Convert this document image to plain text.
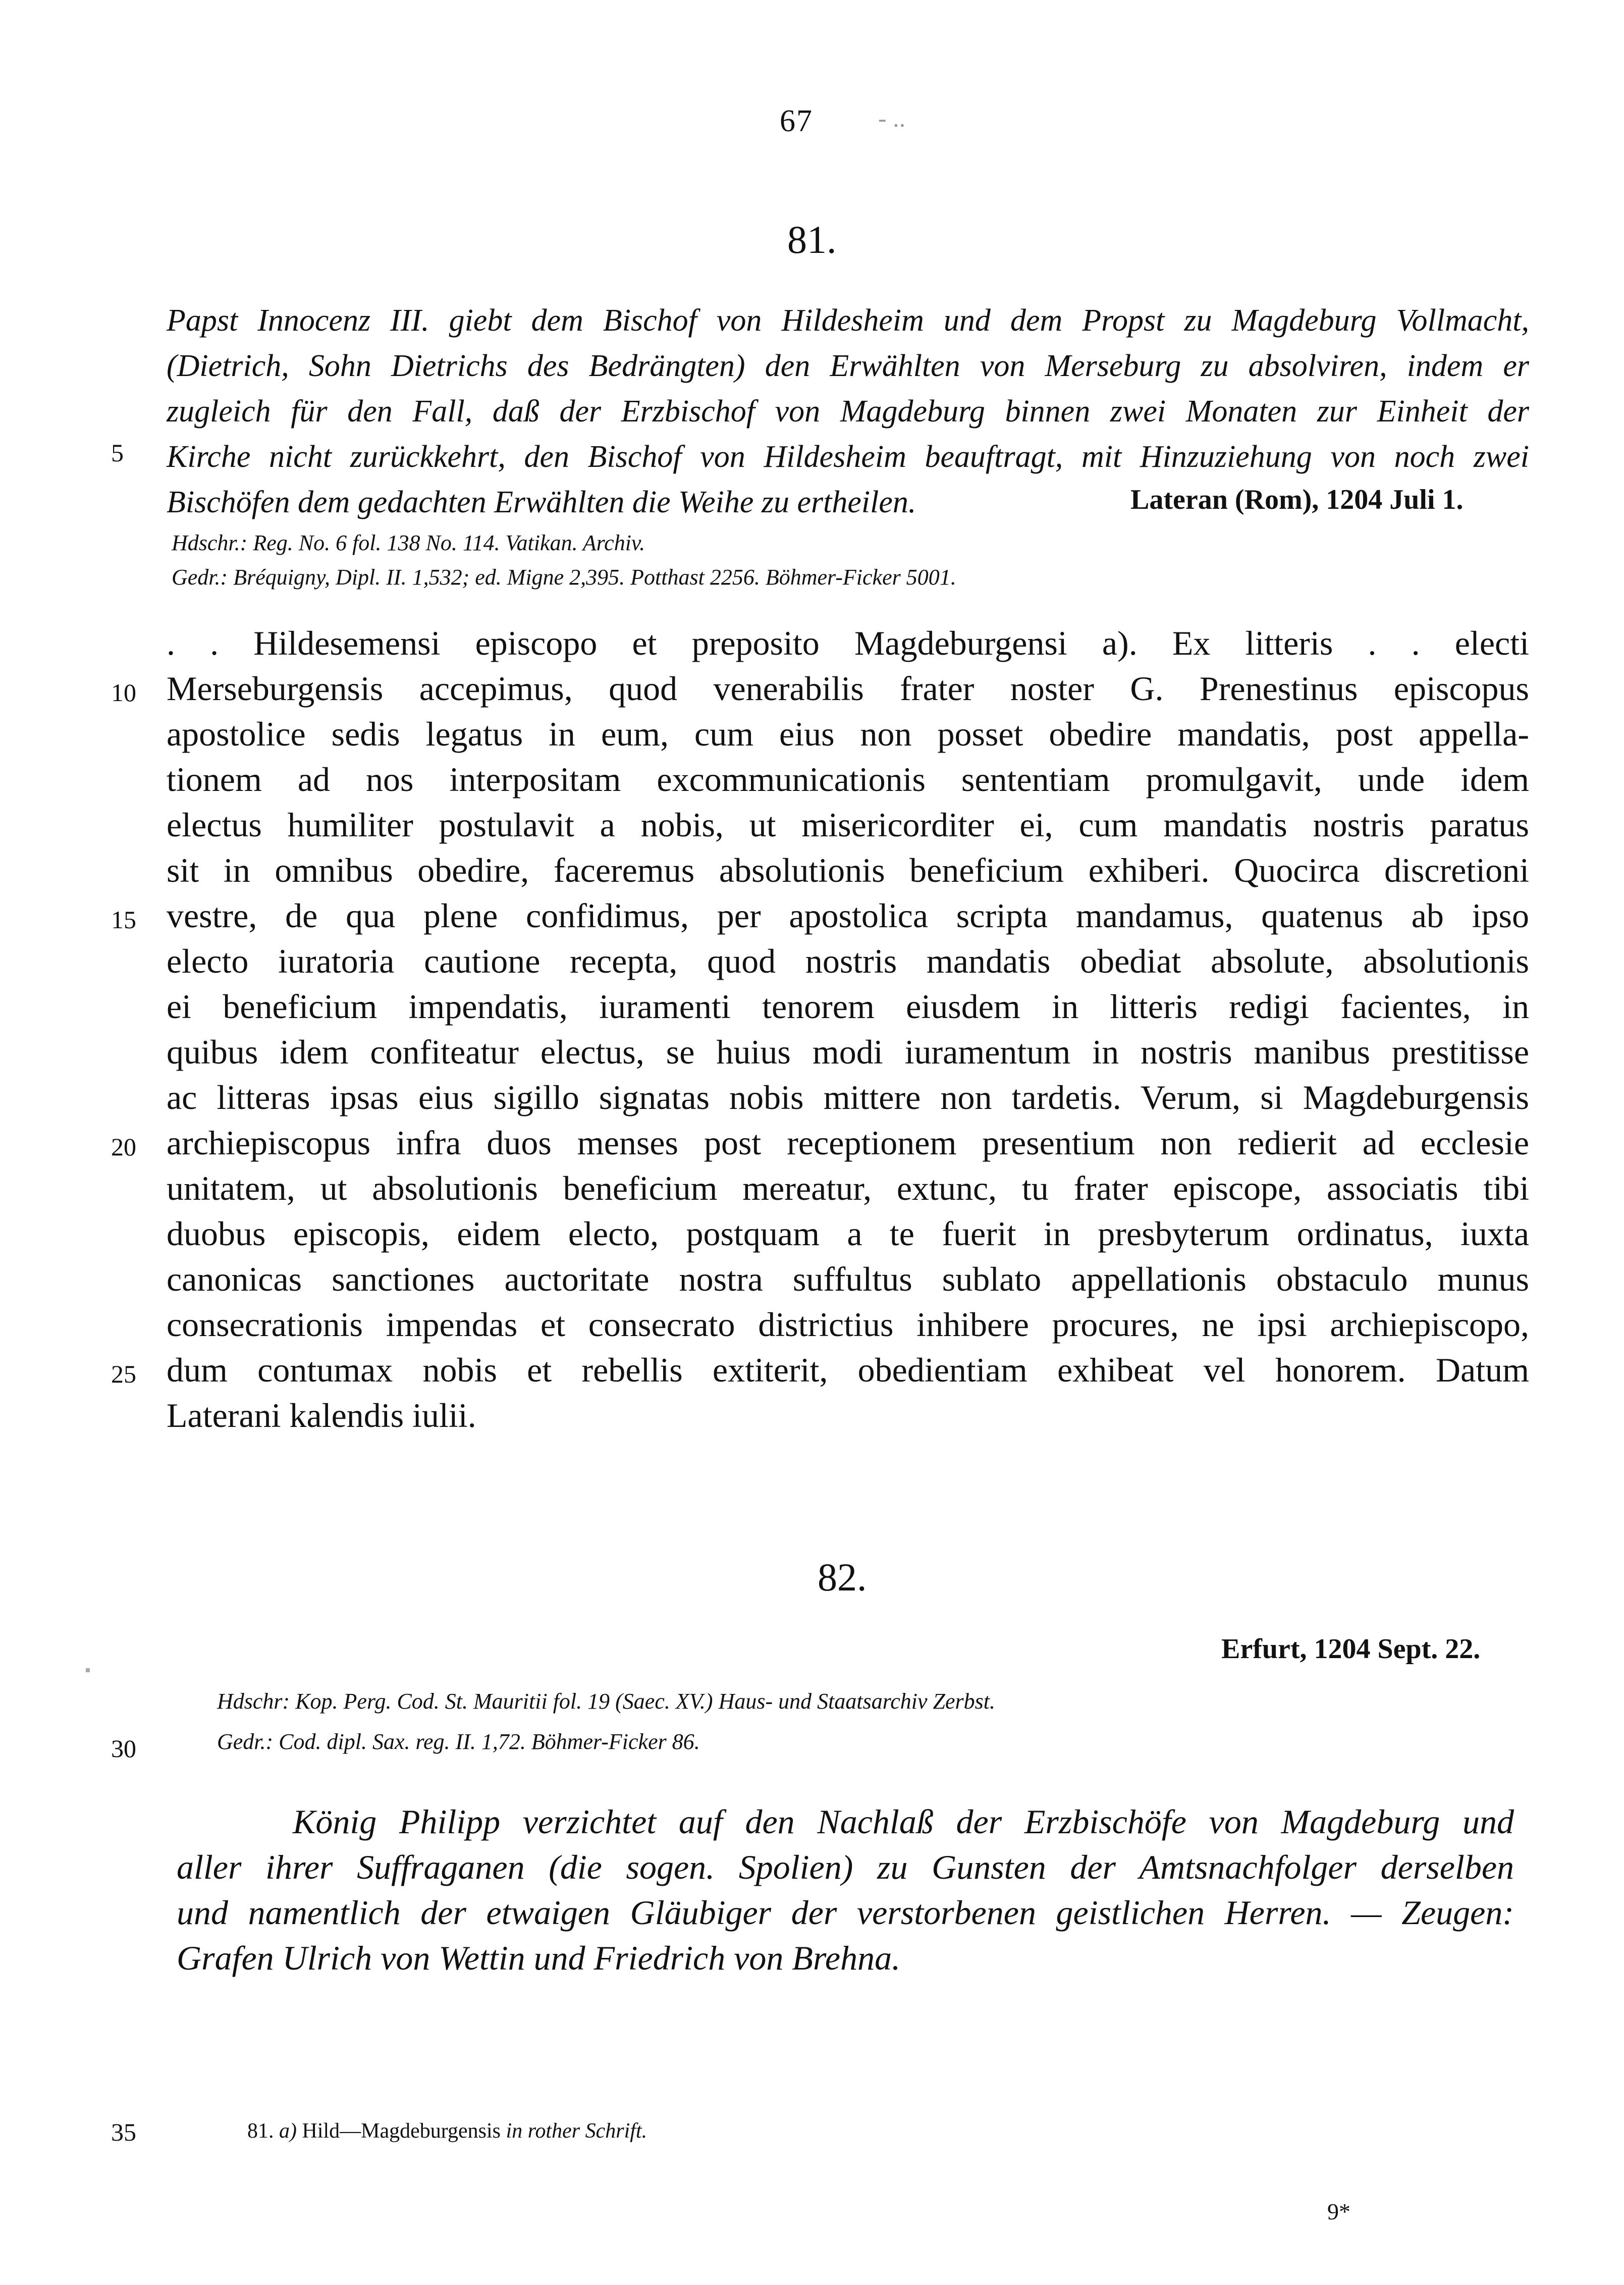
67	- ..
81.
Papst Innocenz III. giebt dem Bischof von Hildesheim und dem Propst zu Magdeburg Vollmacht,
(Dietrich, Sohn Dietrichs des Bedrängten) den Erwählten von Merseburg zu absolviren, indem er
zugleich für den Fall, daß der Erzbischof von Magdeburg binnen zwei Monaten zur Einheit der
Kirche nicht zurückkehrt, den Bischof von Hildesheim beauftragt, mit Hinzuziehung von noch zwei
Bischöfen dem gedachten Erwählten die Weihe zu ertheilen.	Lateran (Rom), 1204 Juli 1.
Hdschr.: Reg. No. 6 fol. 138 No. 114. Vatikan. Archiv.
Gedr.: Bréquigny, Dipl. II. 1,532; ed. Migne 2,395. Potthast 2256. Böhmer-Ficker 5001.
. . Hildesemensi episcopo et preposito Magdeburgensi a). Ex litteris . . electi
Merseburgensis accepimus, quod venerabilis frater noster G. Prenestinus episcopus
apostolice sedis legatus in eum, cum eius non posset obedire mandatis, post appella-
tionem ad nos interpositam excommunicationis sententiam promulgavit, unde idem
electus humiliter postulavit a nobis, ut misericorditer ei, cum mandatis nostris paratus
sit in omnibus obedire, faceremus absolutionis beneficium exhiberi. Quocirca discretioni
vestre, de qua plene confidimus, per apostolica scripta mandamus, quatenus ab ipso
electo iuratoria cautione recepta, quod nostris mandatis obediat absolute, absolutionis
ei beneficium impendatis, iuramenti tenorem eiusdem in litteris redigi facientes, in
quibus idem confiteatur electus, se huius modi iuramentum in nostris manibus prestitisse
ac litteras ipsas eius sigillo signatas nobis mittere non tardetis. Verum, si Magdeburgensis
archiepiscopus infra duos menses post receptionem presentium non redierit ad ecclesie
unitatem, ut absolutionis beneficium mereatur, extunc, tu frater episcope, associatis tibi
duobus episcopis, eidem electo, postquam a te fuerit in presbyterum ordinatus, iuxta
canonicas sanctiones auctoritate nostra suffultus sublato appellationis obstaculo munus
consecrationis impendas et consecrato districtius inhibere procures, ne ipsi archiepiscopo,
dum contumax nobis et rebellis extiterit, obedientiam exhibeat vel honorem. Datum
Laterani kalendis iulii.
82.
Erfurt, 1204 Sept. 22.
Hdschr: Kop. Perg. Cod. St. Mauritii fol. 19 (Saec. XV.) Haus- und Staatsarchiv Zerbst.
Gedr.: Cod. dipl. Sax. reg. II. 1,72. Böhmer-Ficker 86.
König Philipp verzichtet auf den Nachlaß der Erzbischöfe von Magdeburg und
aller ihrer Suffraganen (die sogen. Spolien) zu Gunsten der Amtsnachfolger derselben
und namentlich der etwaigen Gläubiger der verstorbenen geistlichen Herren. — Zeugen:
Grafen Ulrich von Wettin und Friedrich von Brehna.
5
10
15
20
25
30
35	81. a) Hild—Magdeburgensis in rother Schrift.
9*
